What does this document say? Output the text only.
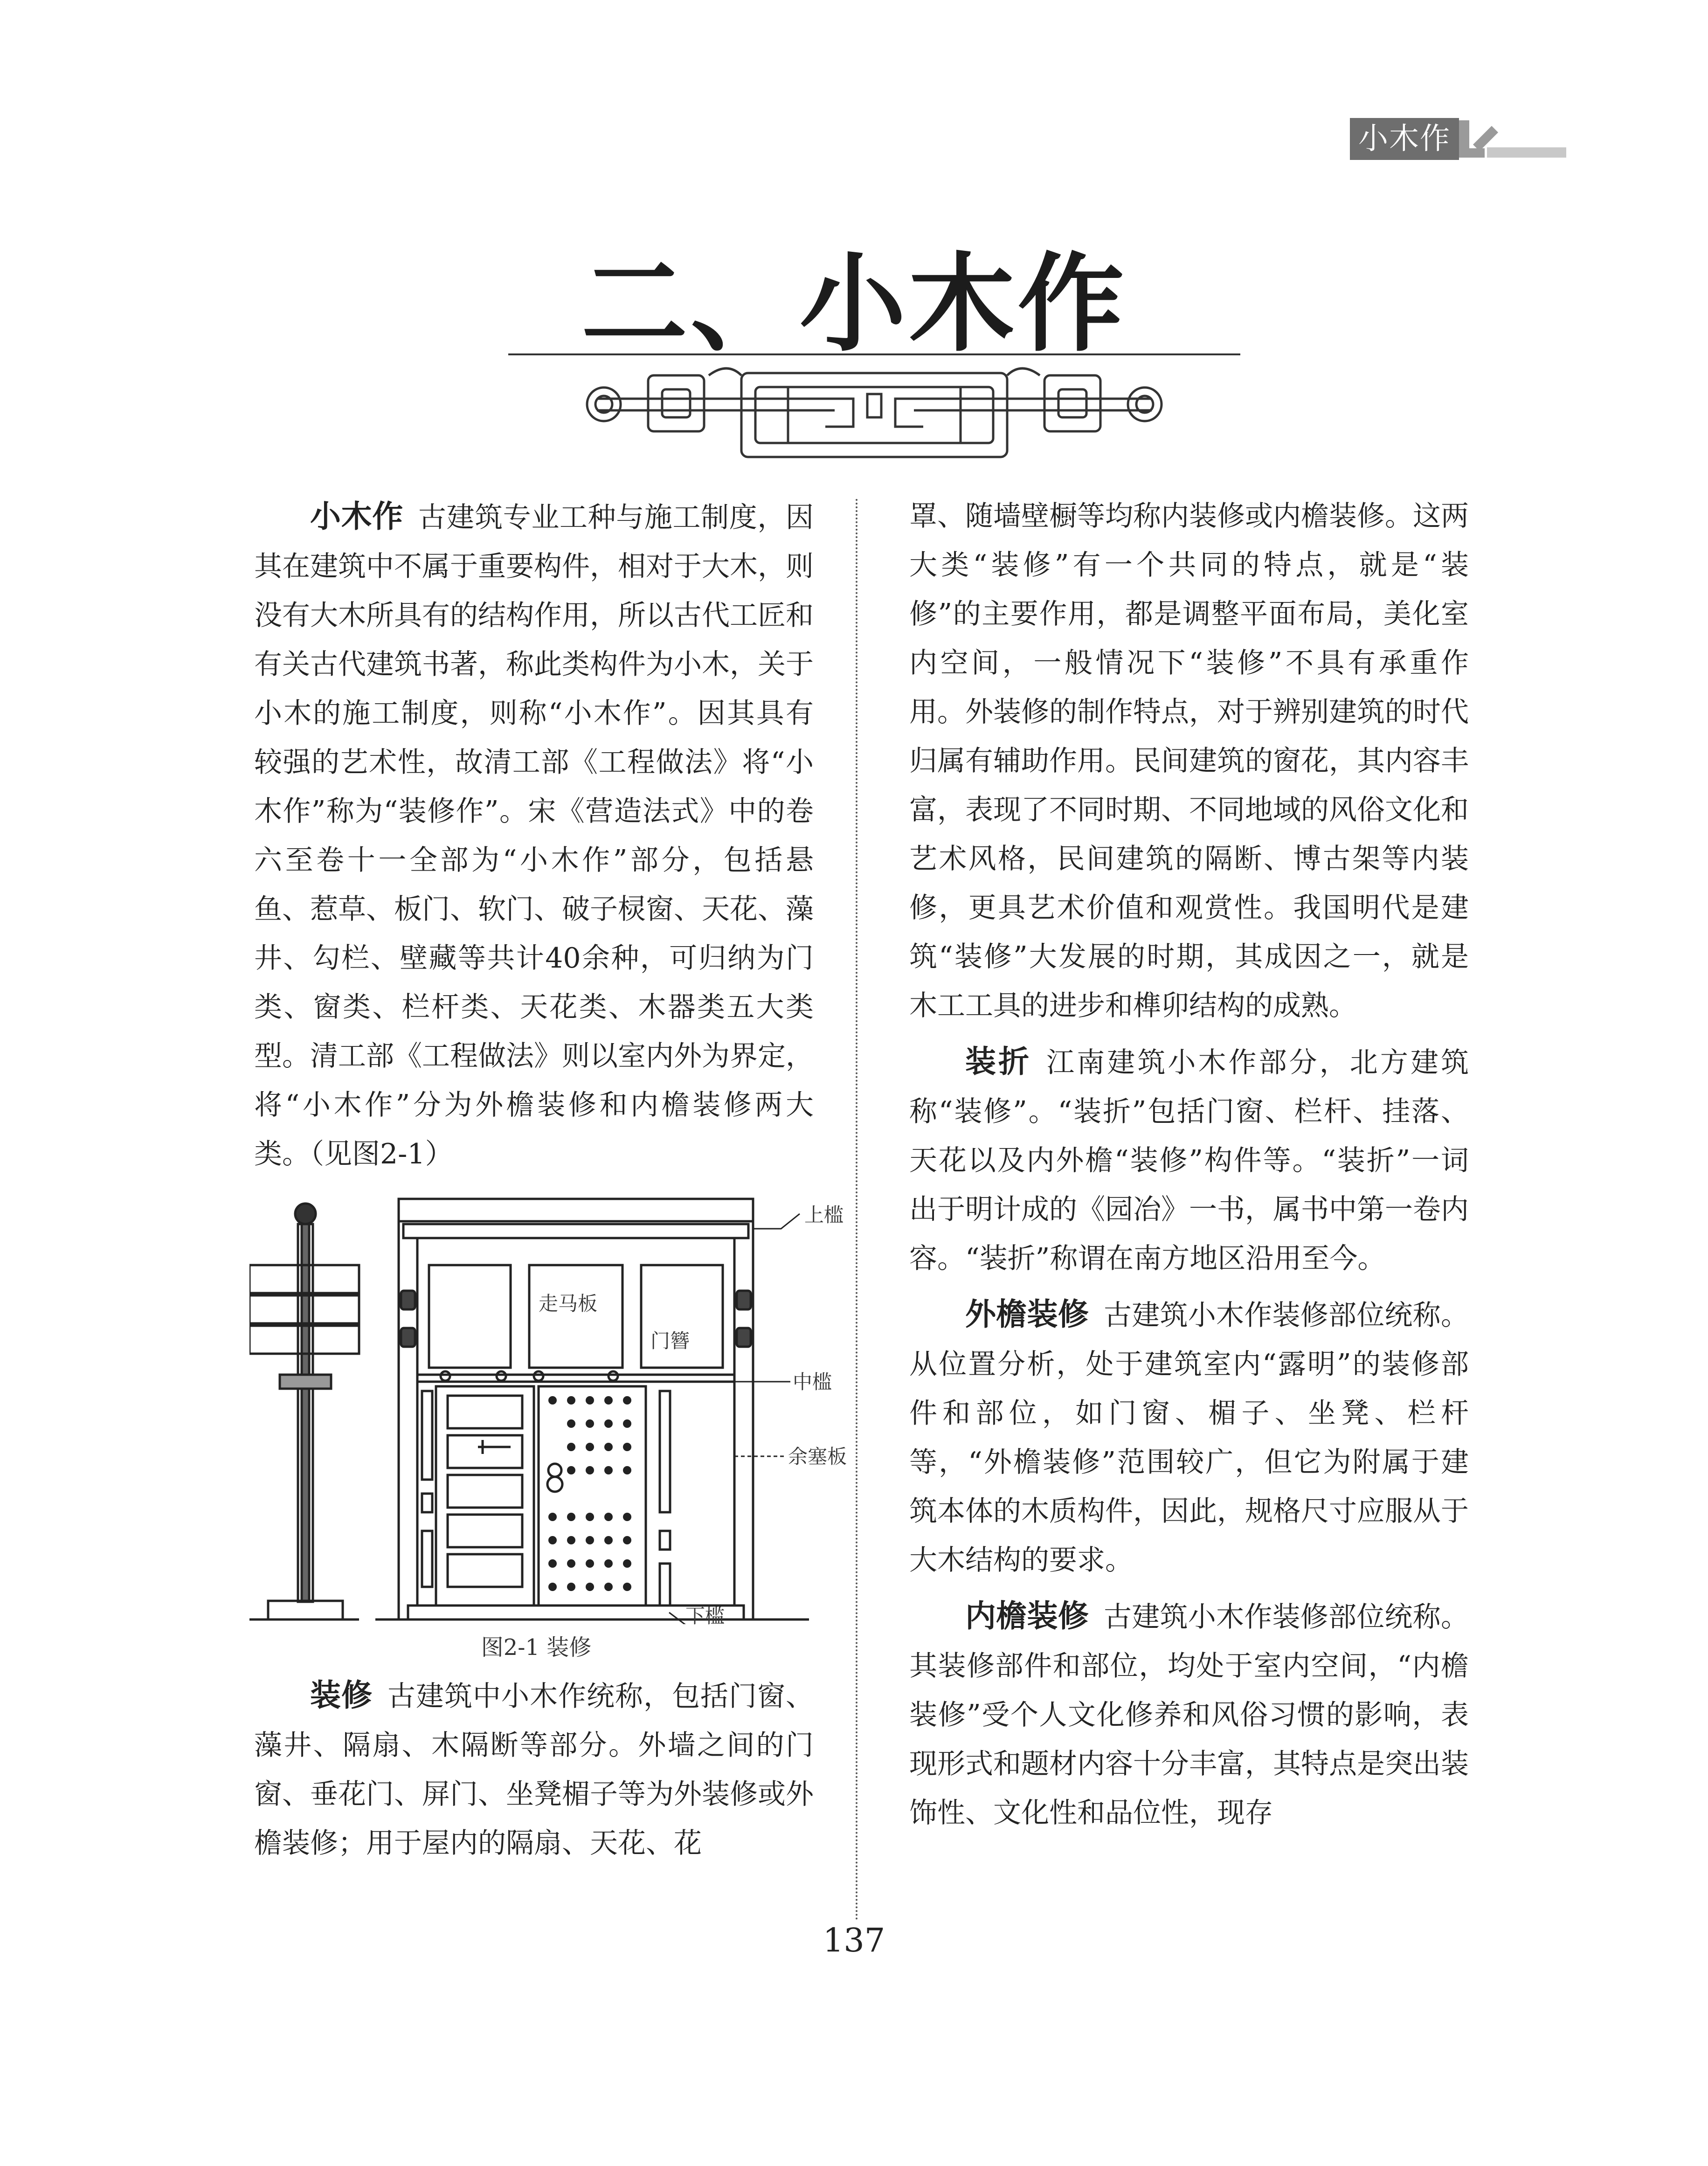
小木作
二、小木作

小木作 古建筑专业工种与施工制度，因其在建筑中不属于重要构件，相对于大木，则没有大木所具有的结构作用，所以古代工匠和有关古代建筑书著，称此类构件为小木，关于小木的施工制度，则称“小木作”。因其具有较强的艺术性，故清工部《工程做法》将“小木作”称为“装修作”。宋《营造法式》中的卷六至卷十一全部为“小木作”部分，包括悬鱼、惹草、板门、软门、破子棂窗、天花、藻井、勾栏、壁藏等共计40余种，可归纳为门类、窗类、栏杆类、天花类、木器类五大类型。清工部《工程做法》则以室内外为界定，将“小木作”分为外檐装修和内檐装修两大类。（见图2-1）

上槛
走马板
门簪
中槛
余塞板
下槛
图2-1 装修

装修 古建筑中小木作统称，包括门窗、藻井、隔扇、木隔断等部分。外墙之间的门窗、垂花门、屏门、坐凳楣子等为外装修或外檐装修；用于屋内的隔扇、天花、花

罩、随墙壁橱等均称内装修或内檐装修。这两大类“装修”有一个共同的特点，就是“装修”的主要作用，都是调整平面布局，美化室内空间，一般情况下“装修”不具有承重作用。外装修的制作特点，对于辨别建筑的时代归属有辅助作用。民间建筑的窗花，其内容丰富，表现了不同时期、不同地域的风俗文化和艺术风格，民间建筑的隔断、博古架等内装修，更具艺术价值和观赏性。我国明代是建筑“装修”大发展的时期，其成因之一，就是木工工具的进步和榫卯结构的成熟。

装折 江南建筑小木作部分，北方建筑称“装修”。“装折”包括门窗、栏杆、挂落、天花以及内外檐“装修”构件等。“装折”一词出于明计成的《园冶》一书，属书中第一卷内容。“装折”称谓在南方地区沿用至今。

外檐装修 古建筑小木作装修部位统称。从位置分析，处于建筑室内“露明”的装修部件和部位，如门窗、楣子、坐凳、栏杆等，“外檐装修”范围较广，但它为附属于建筑本体的木质构件，因此，规格尺寸应服从于大木结构的要求。

内檐装修 古建筑小木作装修部位统称。其装修部件和部位，均处于室内空间，“内檐装修”受个人文化修养和风俗习惯的影响，表现形式和题材内容十分丰富，其特点是突出装饰性、文化性和品位性，现存

137
